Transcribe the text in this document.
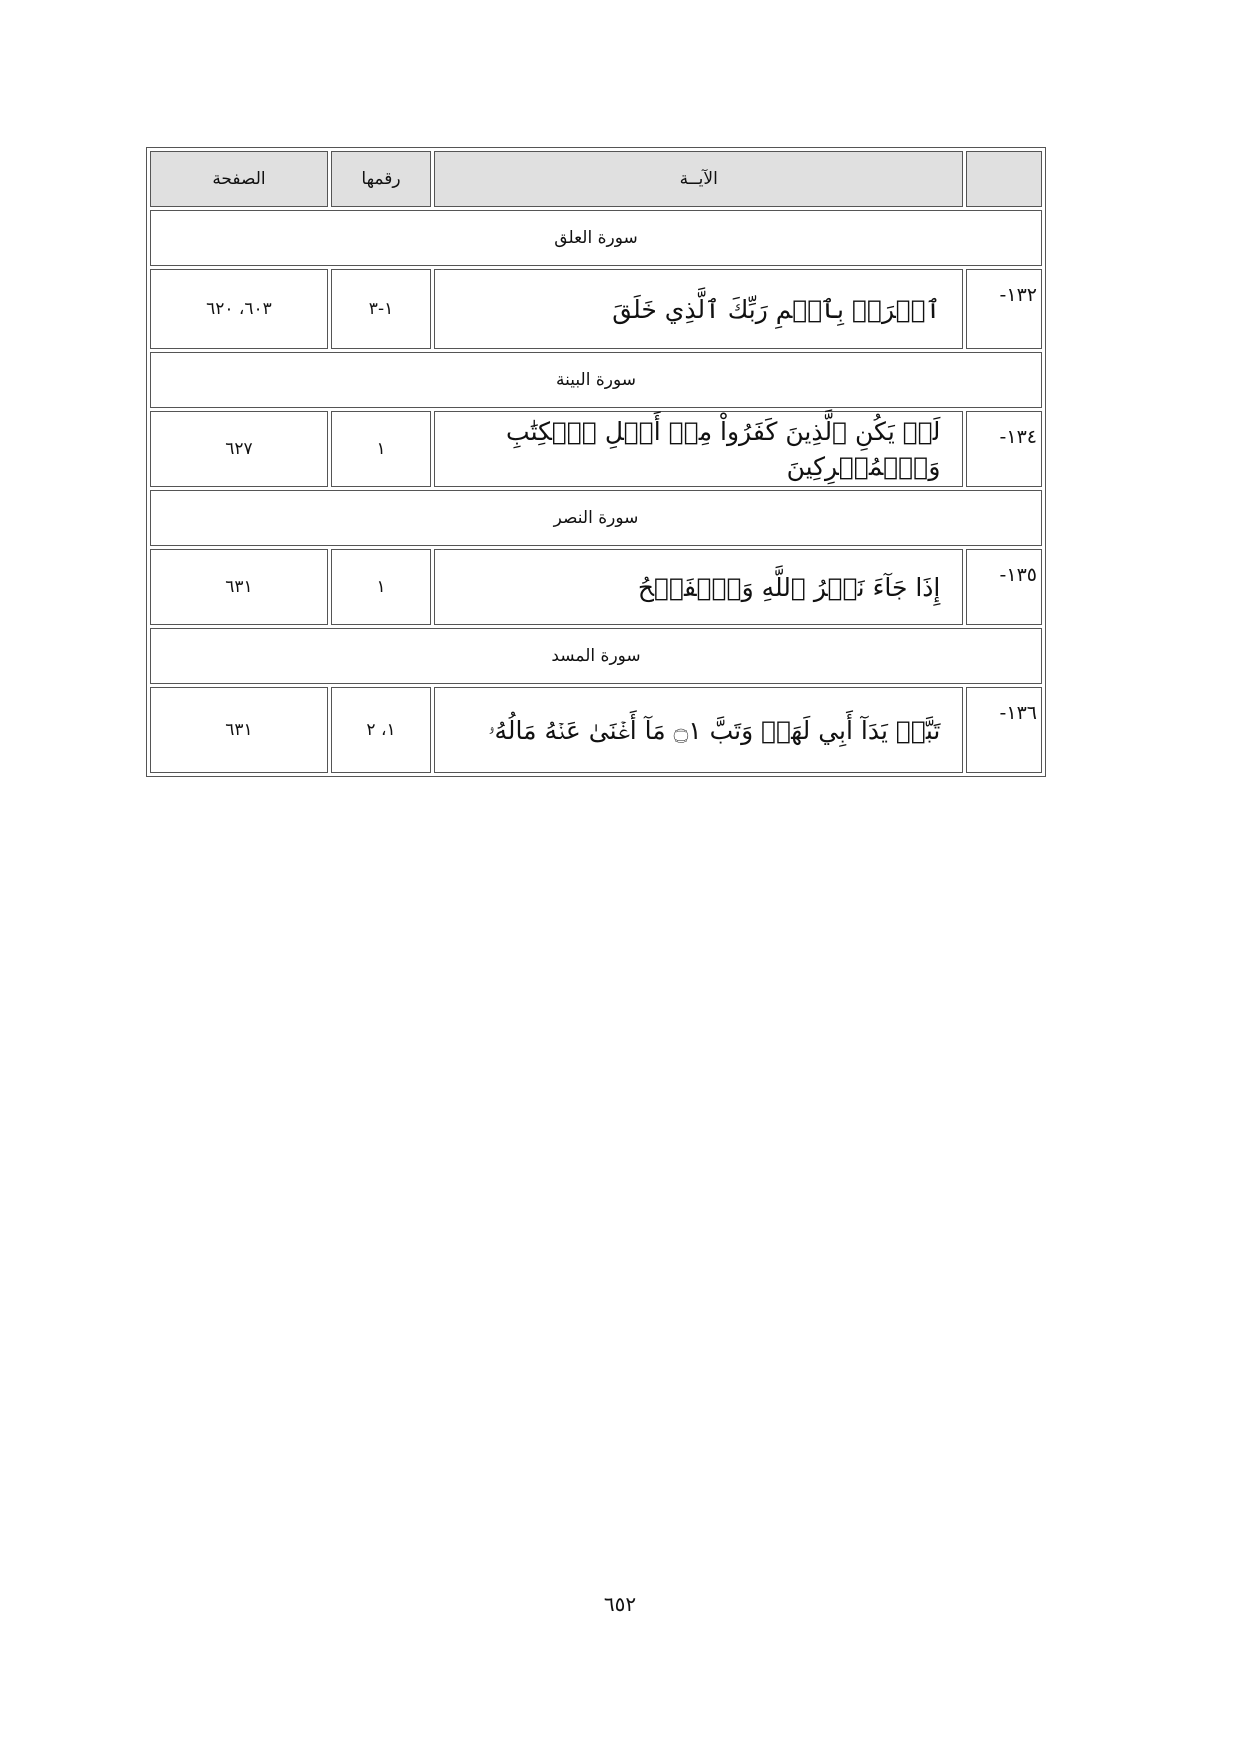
	الآيــة	رقمها	الصفحة
سورة العلق			
١٣٢-	ٱقۡرَأۡ بِٱسۡمِ رَبِّكَ ٱلَّذِي خَلَقَ	١-٣	٦٠٣، ٦٢٠
سورة البينة			
١٣٤-	لَمۡ يَكُنِ ٱلَّذِينَ كَفَرُواْ مِنۡ أَهۡلِ ٱلۡكِتَٰبِ وَٱلۡمُشۡرِكِينَ	١	٦٢٧
سورة النصر			
١٣٥-	إِذَا جَآءَ نَصۡرُ ٱللَّهِ وَٱلۡفَتۡحُ	١	٦٣١
سورة المسد			
١٣٦-	تَبَّتۡ يَدَآ أَبِي لَهَبٖ وَتَبَّ ۝١ مَآ أَغۡنَىٰ عَنۡهُ مَالُهُۥ	١، ٢	٦٣١
٦٥٢
